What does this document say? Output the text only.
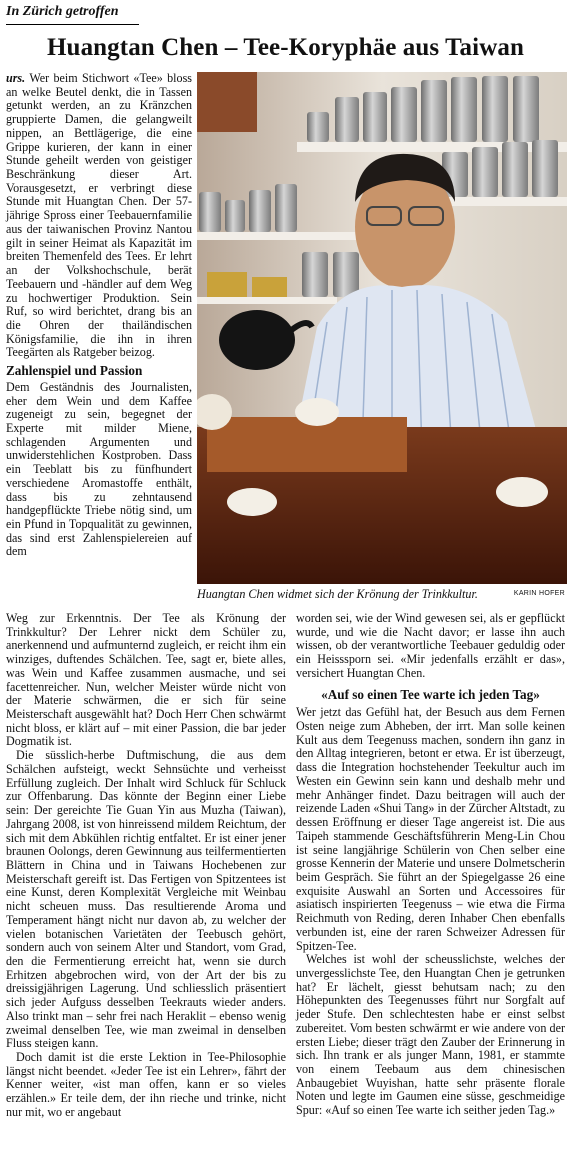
In Zürich getroffen
Huangtan Chen – Tee-Koryphäe aus Taiwan

urs. Wer beim Stichwort «Tee» bloss an welke Beutel denkt, die in Tassen getunkt werden, an zu Kränzchen gruppierte Damen, die gelangweilt nippen, an Bettlägerige, die eine Grippe kurieren, der kann in einer Stunde geheilt werden von geistiger Beschränkung dieser Art. Vorausgesetzt, er verbringt diese Stunde mit Huangtan Chen. Der 57-jährige Spross einer Teebauernfamilie aus der taiwanischen Provinz Nantou gilt in seiner Heimat als Kapazität im breiten Themenfeld des Tees. Er lehrt an der Volkshochschule, berät Teebauern und -händler auf dem Weg zu hochwertiger Produktion. Sein Ruf, so wird berichtet, drang bis an die Ohren der thailändischen Königsfamilie, die ihn in ihren Teegärten als Ratgeber beizog.

Zahlenspiel und Passion

Dem Geständnis des Journalisten, eher dem Wein und dem Kaffee zugeneigt zu sein, begegnet der Experte mit milder Miene, schlagenden Argumenten und unwiderstehlichen Kostproben. Dass ein Teeblatt bis zu fünfhundert verschiedene Aromastoffe enthält, dass bis zu zehntausend handgepflückte Triebe nötig sind, um ein Pfund in Topqualität zu gewinnen, das sind erst Zahlenspielereien auf dem

Huangtan Chen widmet sich der Krönung der Trinkkultur.	KARIN HOFER

Weg zur Erkenntnis. Der Tee als Krönung der Trinkkultur? Der Lehrer nickt dem Schüler zu, anerkennend und aufmunternd zugleich, er reicht ihm ein winziges, duftendes Schälchen. Tee, sagt er, biete alles, was Wein und Kaffee zusammen ausmache, und sei facettenreicher. Nun, welcher Meister würde nicht von der Materie schwärmen, die er sich für seine Meisterschaft ausgewählt hat? Doch Herr Chen schwärmt nicht bloss, er klärt auf – mit einer Passion, die bar jeder Dogmatik ist.

Die süsslich-herbe Duftmischung, die aus dem Schälchen aufsteigt, weckt Sehnsüchte und verheisst Erfüllung zugleich. Der Inhalt wird Schluck für Schluck zur Offenbarung. Das könnte der Beginn einer Liebe sein: Der gereichte Tie Guan Yin aus Muzha (Taiwan), Jahrgang 2008, ist von hinreissend mildem Reichtum, der sich mit dem Abkühlen richtig entfaltet. Er ist einer jener braunen Oolongs, deren Gewinnung aus teilfermentierten Blättern in China und in Taiwans Hochebenen zur Meisterschaft gereift ist. Das Fertigen von Spitzentees ist eine Kunst, deren Komplexität Vergleiche mit Weinbau nicht scheuen muss. Das resultierende Aroma und Temperament hängt nicht nur davon ab, zu welcher der vielen botanischen Varietäten der Teebusch gehört, sondern auch von seinem Alter und Standort, vom Grad, den die Fermentierung erreicht hat, wenn sie durch Erhitzen abgebrochen wird, von der Art der bis zu dreissigjährigen Lagerung. Und schliesslich präsentiert sich jeder Aufguss desselben Teekrauts wieder anders. Also trinkt man – sehr frei nach Heraklit – ebenso wenig zweimal denselben Tee, wie man zweimal in denselben Fluss steigen kann.

Doch damit ist die erste Lektion in Tee-Philosophie längst nicht beendet. «Jeder Tee ist ein Lehrer», fährt der Kenner weiter, «ist man offen, kann er so vieles erzählen.» Er teile dem, der ihn rieche und trinke, nicht nur mit, wo er angebaut

worden sei, wie der Wind gewesen sei, als er gepflückt wurde, und wie die Nacht davor; er lasse ihn auch wissen, ob der verantwortliche Teebauer geduldig oder ein Heisssporn sei. «Mir jedenfalls erzählt er das», versichert Huangtan Chen.

«Auf so einen Tee warte ich jeden Tag»

Wer jetzt das Gefühl hat, der Besuch aus dem Fernen Osten neige zum Abheben, der irrt. Man solle keinen Kult aus dem Teegenuss machen, sondern ihn ganz in den Alltag integrieren, betont er etwa. Er ist überzeugt, dass die Integration hochstehender Teekultur auch im Westen ein Gewinn sein kann und deshalb mehr und mehr Anhänger findet. Dazu beitragen will auch der reizende Laden «Shui Tang» in der Zürcher Altstadt, zu dessen Eröffnung er dieser Tage angereist ist. Die aus Taipeh stammende Geschäftsführerin Meng-Lin Chou ist seine langjährige Schülerin von Chen selber eine grosse Kennerin der Materie und unsere Dolmetscherin beim Gespräch. Sie führt an der Spiegelgasse 26 eine exquisite Auswahl an Sorten und Accessoires für asiatisch inspirierten Teegenuss – wie etwa die Firma Reichmuth von Reding, deren Inhaber Chen ebenfalls verbunden ist, eine der raren Schweizer Adressen für Spitzen-Tee.

Welches ist wohl der scheusslichste, welches der unvergesslichste Tee, den Huangtan Chen je getrunken hat? Er lächelt, giesst behutsam nach; zu den Höhepunkten des Teegenusses führt nur Sorgfalt auf jeder Stufe. Den schlechtesten habe er einst selbst zubereitet. Vom besten schwärmt er wie andere von der ersten Liebe; dieser trägt den Zauber der Erinnerung in sich. Ihn trank er als junger Mann, 1981, er stammte von einem Teebaum aus dem chinesischen Anbaugebiet Wuyishan, hatte sehr präsente florale Noten und legte im Gaumen eine süsse, geschmeidige Spur: «Auf so einen Tee warte ich seither jeden Tag.»
